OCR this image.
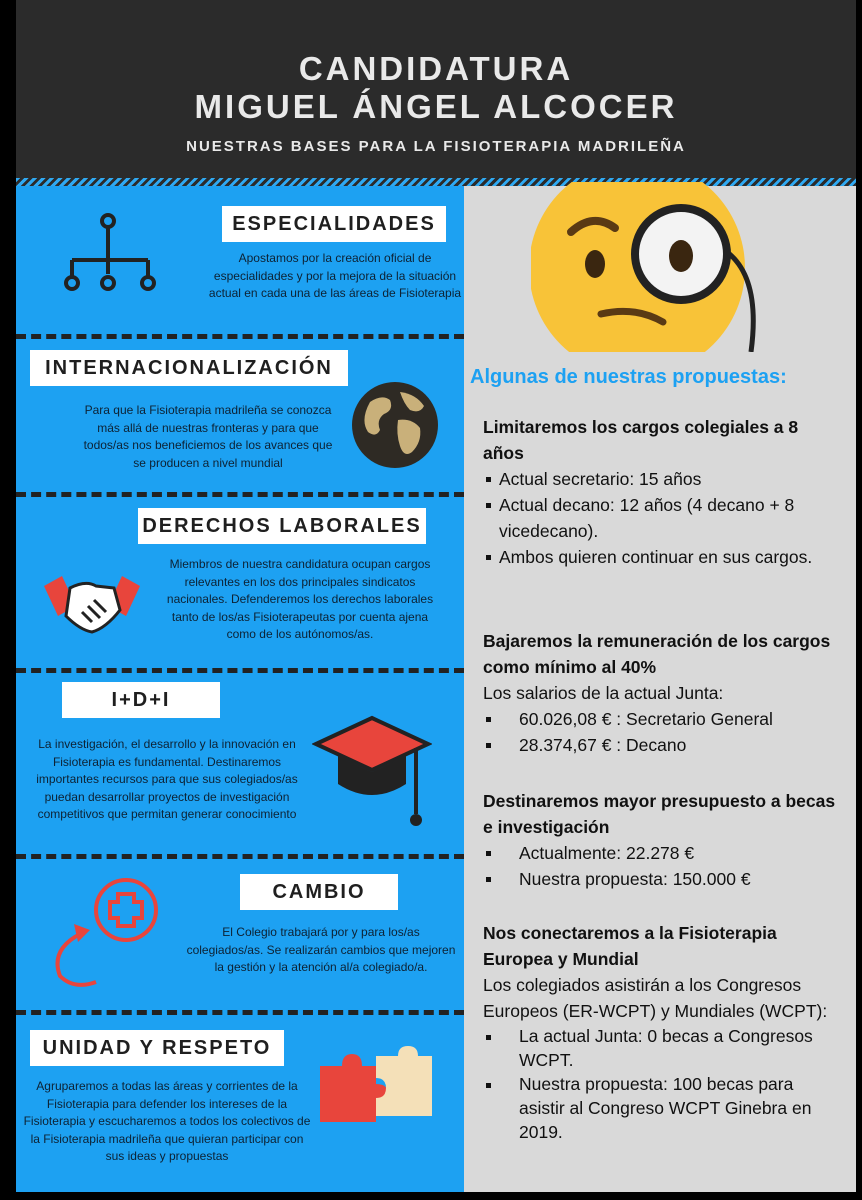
CANDIDATURA
MIGUEL ÁNGEL ALCOCER
NUESTRAS BASES PARA LA FISIOTERAPIA MADRILEÑA
ESPECIALIDADES
Apostamos por la creación oficial de especialidades y por la mejora de la situación actual en cada una de las áreas de Fisioterapia
INTERNACIONALIZACIÓN
Para que la Fisioterapia madrileña se conozca más allá de nuestras fronteras y para que todos/as nos beneficiemos de los avances que se producen a nivel mundial
DERECHOS LABORALES
Miembros de nuestra candidatura ocupan cargos relevantes en los dos principales sindicatos nacionales. Defenderemos los derechos laborales tanto de los/as Fisioterapeutas por cuenta ajena como de los autónomos/as.
I+D+I
La investigación, el desarrollo y la innovación en Fisioterapia es fundamental. Destinaremos importantes recursos para que sus colegiados/as puedan desarrollar proyectos de investigación competitivos que permitan generar conocimiento
CAMBIO
El Colegio trabajará por y para los/as colegiados/as. Se realizarán cambios que mejoren la gestión y la atención al/a colegiado/a.
UNIDAD Y RESPETO
Agruparemos a todas las áreas y corrientes de la Fisioterapia para defender los intereses de la Fisioterapia y escucharemos a todos los colectivos de la Fisioterapia madrileña que quieran participar con sus ideas y propuestas
Algunas de nuestras propuestas:
Limitaremos los cargos colegiales a 8 años
Actual secretario: 15 años
Actual decano: 12 años (4 decano + 8 vicedecano).
Ambos quieren continuar en sus cargos.
Bajaremos la remuneración de los cargos como mínimo al 40%
Los salarios de la actual Junta:
60.026,08 € : Secretario General
28.374,67 € : Decano
Destinaremos mayor presupuesto a becas e investigación
Actualmente: 22.278 €
Nuestra propuesta: 150.000 €
Nos conectaremos a la Fisioterapia Europea y Mundial
Los colegiados asistirán a los Congresos Europeos (ER-WCPT) y Mundiales (WCPT):
La actual Junta: 0 becas a Congresos WCPT.
Nuestra propuesta: 100 becas para asistir al Congreso WCPT Ginebra en 2019.
